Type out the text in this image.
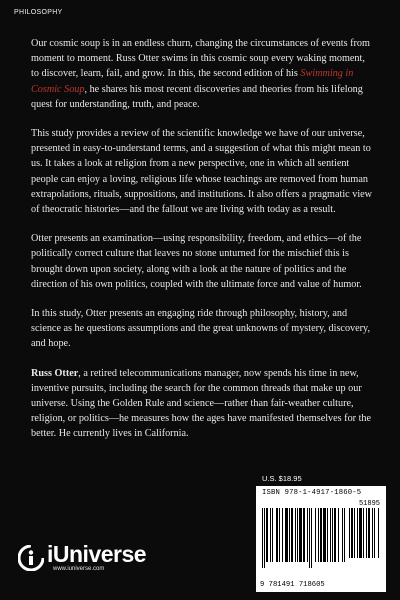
PHILOSOPHY

Our cosmic soup is in an endless churn, changing the circumstances of events from moment to moment. Russ Otter swims in this cosmic soup every waking moment, to discover, learn, fail, and grow. In this, the second edition of his Swimming in Cosmic Soup, he shares his most recent discoveries and theories from his lifelong quest for understanding, truth, and peace.

This study provides a review of the scientific knowledge we have of our universe, presented in easy-to-understand terms, and a suggestion of what this might mean to us. It takes a look at religion from a new perspective, one in which all sentient people can enjoy a loving, religious life whose teachings are removed from human extrapolations, rituals, suppositions, and institutions. It also offers a pragmatic view of theocratic histories—and the fallout we are living with today as a result.

Otter presents an examination—using responsibility, freedom, and ethics—of the politically correct culture that leaves no stone unturned for the mischief this is brought down upon society, along with a look at the nature of politics and the direction of his own politics, coupled with the ultimate force and value of humor.

In this study, Otter presents an engaging ride through philosophy, history, and science as he questions assumptions and the great unknowns of mystery, discovery, and hope.

Russ Otter, a retired telecommunications manager, now spends his time in new, inventive pursuits, including the search for the common threads that make up our universe. Using the Golden Rule and science—rather than fair-weather culture, religion, or politics—he measures how the ages have manifested themselves for the better. He currently lives in California.

iUniverse
www.iuniverse.com
U.S. $18.95
ISBN 978-1-4917-1860-5
51895
9 781491 718605
